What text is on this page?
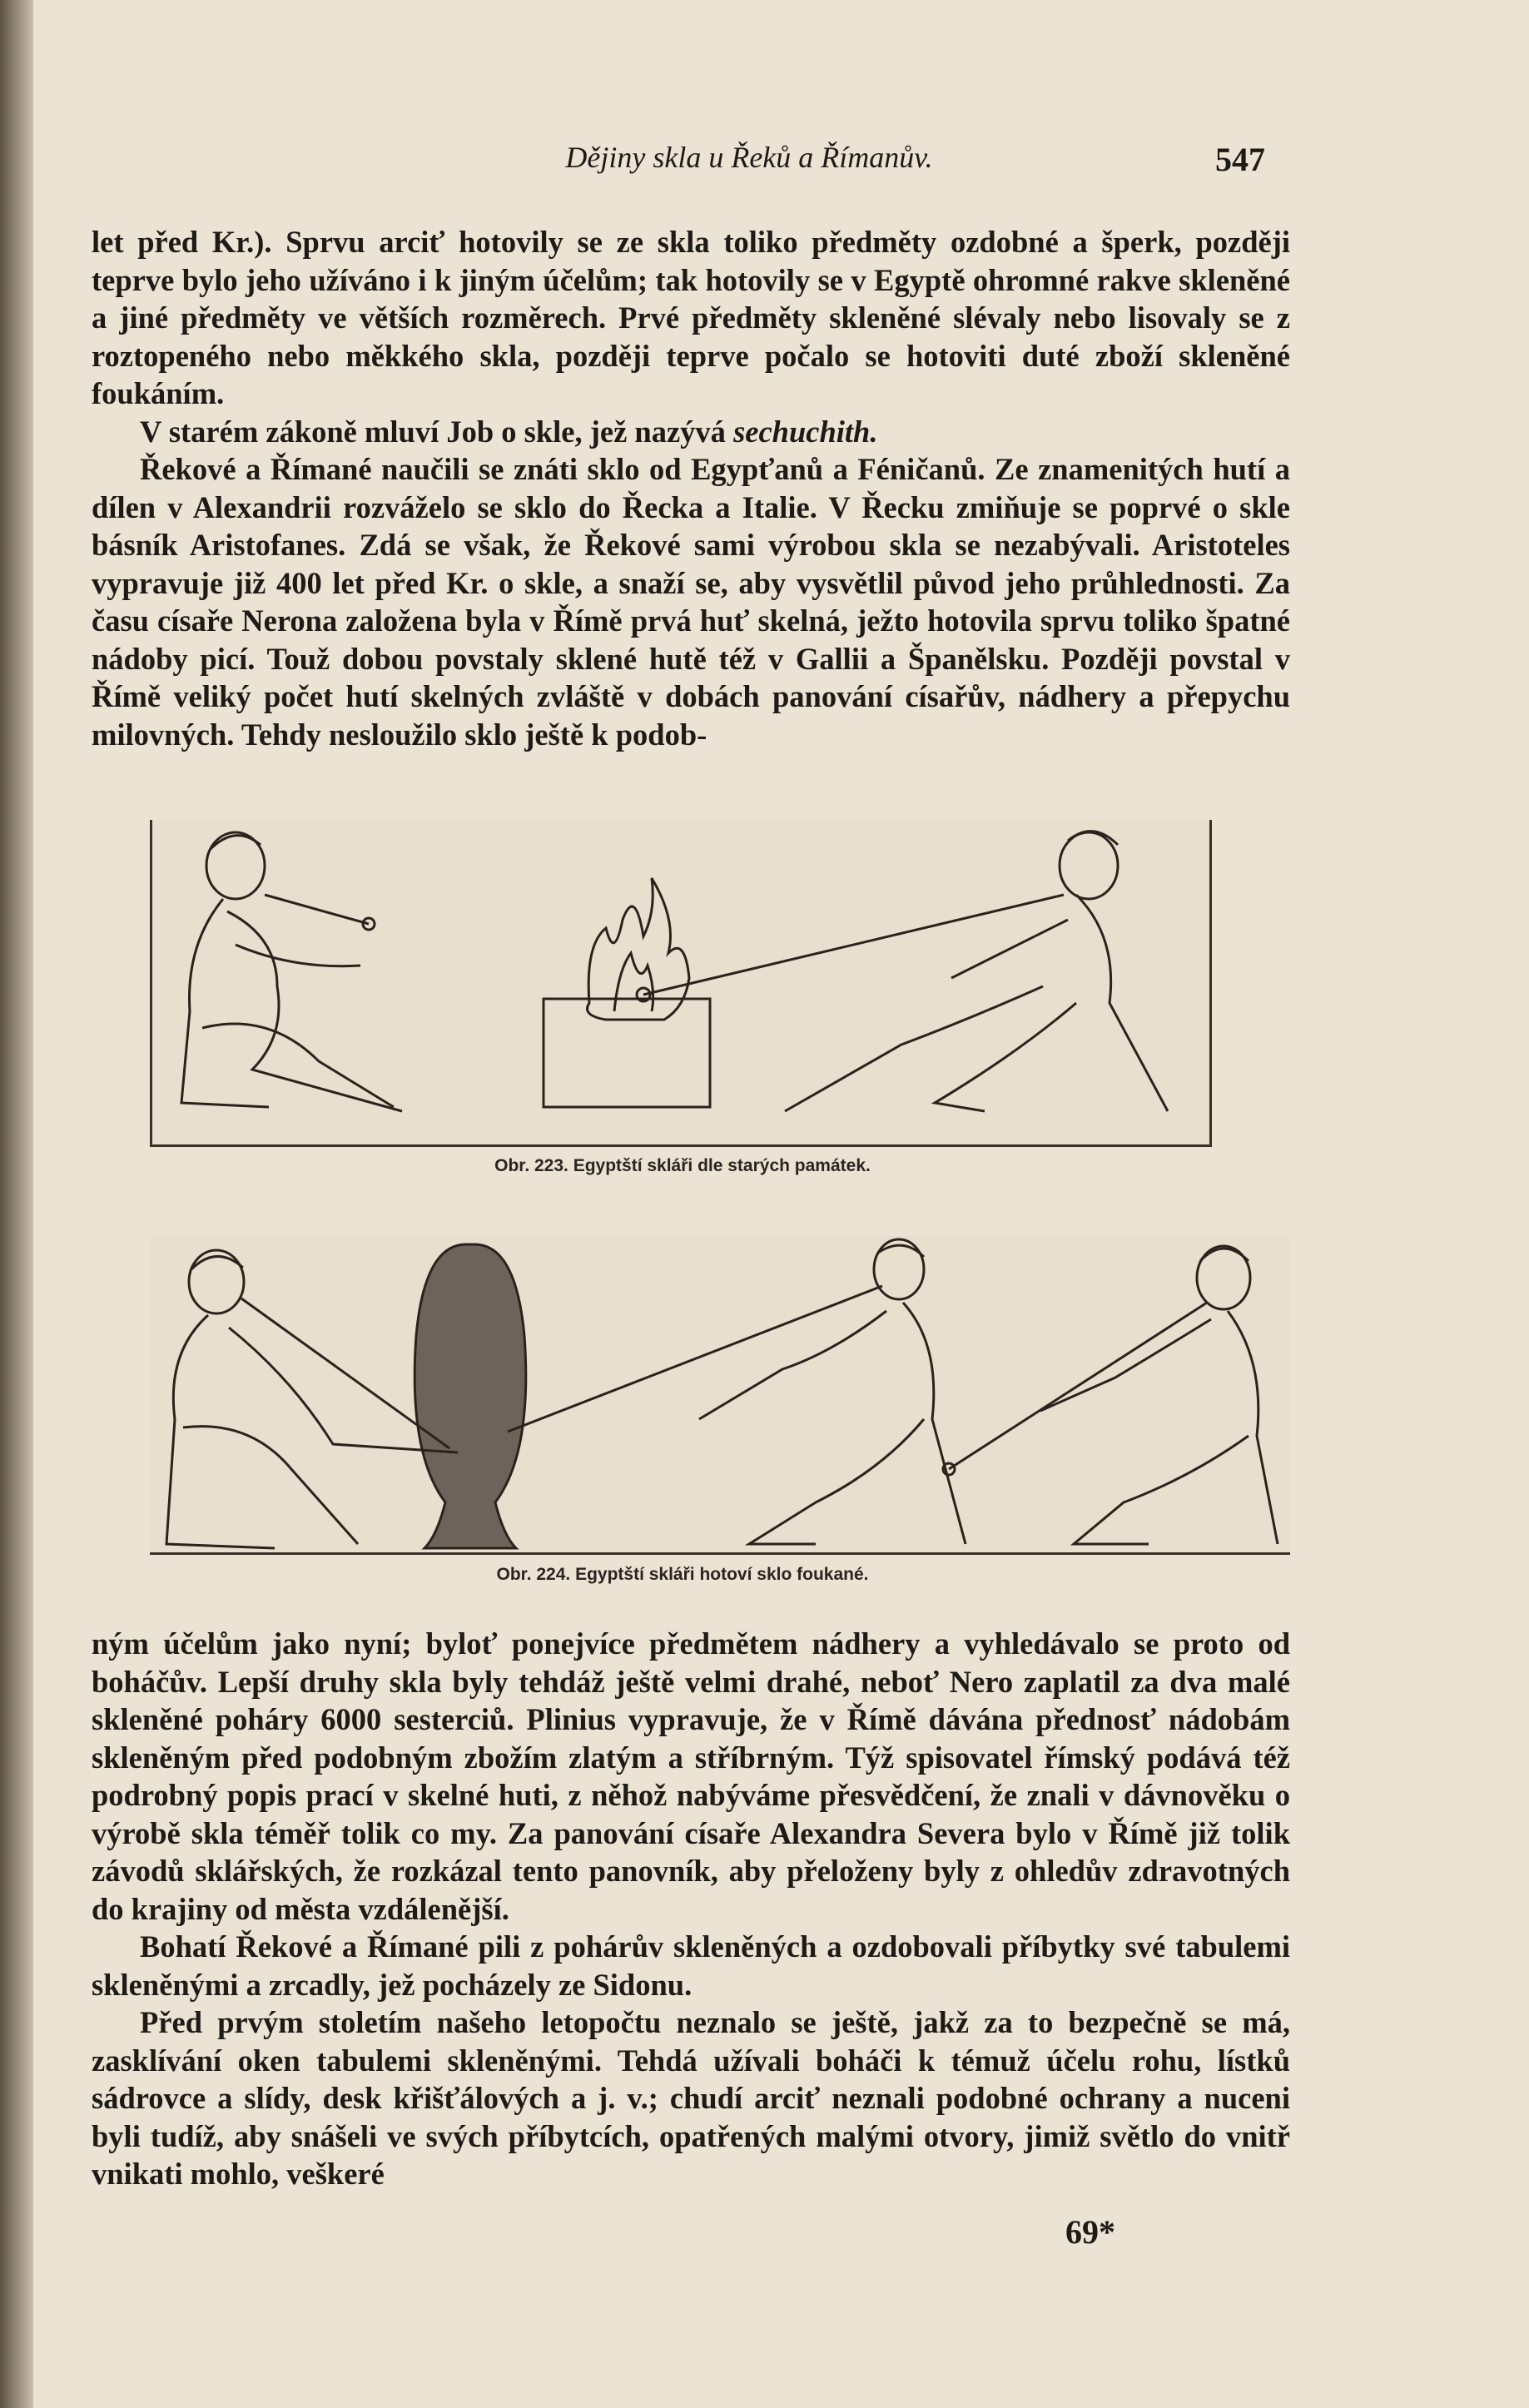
Dějiny skla u Řeků a Římanův.	547

let před Kr.). Sprvu arciť hotovily se ze skla toliko předměty ozdobné a šperk, později teprve bylo jeho užíváno i k jiným účelům; tak hotovily se v Egyptě ohromné rakve skleněné a jiné předměty ve větších rozměrech. Prvé předměty skleněné slévaly nebo lisovaly se z roztopeného nebo měkkého skla, později teprve počalo se hotoviti duté zboží skleněné foukáním.

V starém zákoně mluví Job o skle, jež nazývá sechuchith.

Řekové a Římané naučili se znáti sklo od Egypťanů a Féničanů. Ze znamenitých hutí a dílen v Alexandrii rozváželo se sklo do Řecka a Italie. V Řecku zmiňuje se poprvé o skle básník Aristofanes. Zdá se však, že Řekové sami výrobou skla se nezabývali. Aristoteles vypravuje již 400 let před Kr. o skle, a snaží se, aby vysvětlil původ jeho průhlednosti. Za času císaře Nerona založena byla v Římě prvá huť skelná, ježto hotovila sprvu toliko špatné nádoby picí. Touž dobou povstaly sklené hutě též v Gallii a Španělsku. Později povstal v Římě veliký počet hutí skelných zvláště v dobách panování císařův, nádhery a přepychu milovných. Tehdy nesloužilo sklo ještě k podob-

Obr. 223. Egyptští skláři dle starých památek.
Obr. 224. Egyptští skláři hotoví sklo foukané.

ným účelům jako nyní; byloť ponejvíce předmětem nádhery a vyhledávalo se proto od boháčův. Lepší druhy skla byly tehdáž ještě velmi drahé, neboť Nero zaplatil za dva malé skleněné poháry 6000 sesterciů. Plinius vypravuje, že v Římě dávána přednosť nádobám skleněným před podobným zbožím zlatým a stříbrným. Týž spisovatel římský podává též podrobný popis prací v skelné huti, z něhož nabýváme přesvědčení, že znali v dávnověku o výrobě skla téměř tolik co my. Za panování císaře Alexandra Severa bylo v Římě již tolik závodů sklářských, že rozkázal tento panovník, aby přeloženy byly z ohledův zdravotných do krajiny od města vzdálenější.

Bohatí Řekové a Římané pili z pohárův skleněných a ozdobovali příbytky své tabulemi skleněnými a zrcadly, jež pocházely ze Sidonu.

Před prvým stoletím našeho letopočtu neznalo se ještě, jakž za to bezpečně se má, zasklívání oken tabulemi skleněnými. Tehdá užívali boháči k témuž účelu rohu, lístků sádrovce a slídy, desk křišťálových a j. v.; chudí arciť neznali podobné ochrany a nuceni byli tudíž, aby snášeli ve svých příbytcích, opatřených malými otvory, jimiž světlo do vnitř vnikati mohlo, veškeré

69*
